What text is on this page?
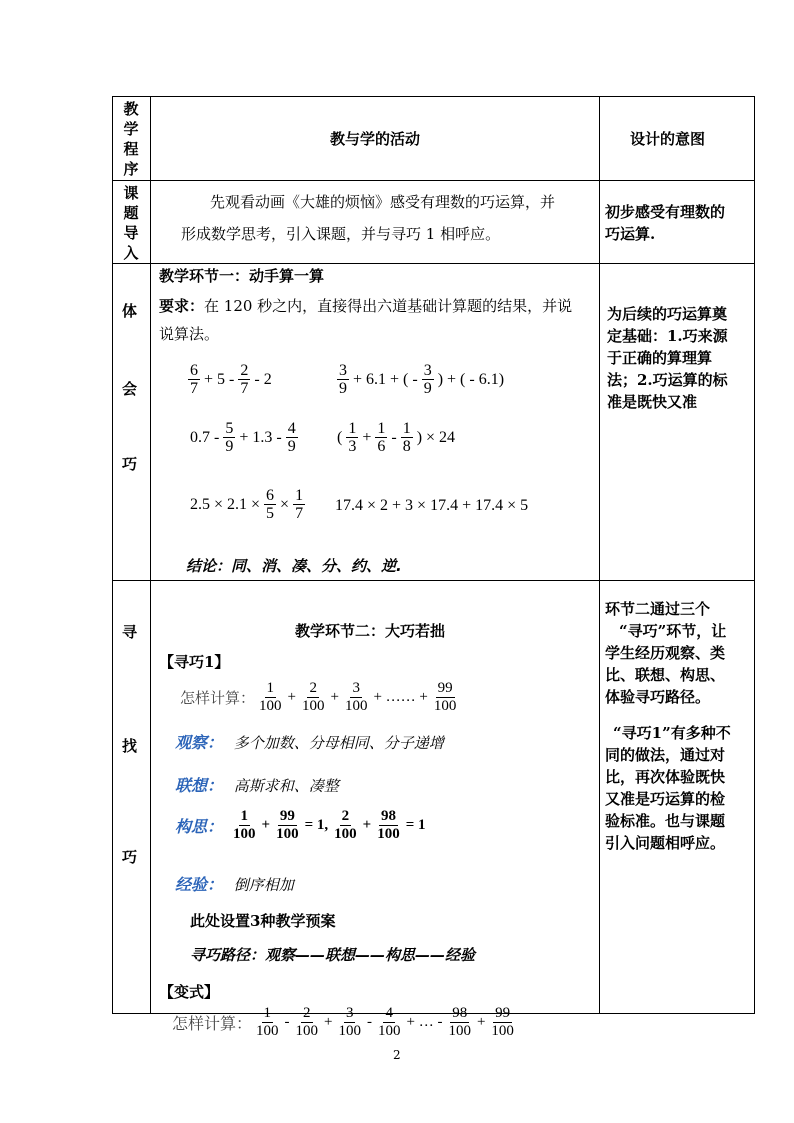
教
学
程
序
教与学的活动	设计的意图
课
题
导
入
先观看动画《大雄的烦恼》感受有理数的巧运算，并
形成数学思考，引入课题，并与寻巧 1 相呼应。
初步感受有理数的
巧运算.
体
会
巧
教学环节一：动手算一算
要求：在 120 秒之内，直接得出六道基础计算题的结果，并说
说算法。
$\frac{6}{7} + 5 - \frac{2}{7} - 2$	$\frac{3}{9} + 6.1$ + ( - $\frac{3}{9}$ ) + ( - 6.1)
$0.7 - \frac{5}{9} + 1.3 - \frac{4}{9}$ ( $\frac{1}{3} + \frac{1}{6} - \frac{1}{8}$ ) × 24
$2.5 \times 2.1 \times \frac{6}{5} \times \frac{1}{7} 17.4 \times 2 + 3 \times 17.4 + 17.4 \times 5$
结论：同、消、凑、分、约、逆.
为后续的巧运算奠
定基础：1.巧来源
于正确的算理算
法；2.巧运算的标
准是既快又准
寻
找
巧
教学环节二：大巧若拙
【寻巧1】
怎样计算： $\frac{1}{100} + \frac{2}{100} + \frac{3}{100}$ + …… + $\frac{99}{100}$
观察： 多个加数、分母相同、分子递增
联想： 高斯求和、凑整
构思： $\frac{1}{100} + \frac{99}{100} = 1$, $\frac{2}{100} + \frac{98}{100} = 1$
经验： 倒序相加
此处设置3种教学预案
寻巧路径：观察——联想——构思——经验
【变式】
怎样计算： $\frac{1}{100} - \frac{2}{100} + \frac{3}{100} - \frac{4}{100}$ + … - $\frac{98}{100} + \frac{99}{100}$
环节二通过三个
“寻巧”环节，让
学生经历观察、类
比、联想、构思、
体验寻巧路径。
“寻巧1”有多种不
同的做法，通过对
比，再次体验既快
又准是巧运算的检
验标准。也与课题
引入问题相呼应。
2
